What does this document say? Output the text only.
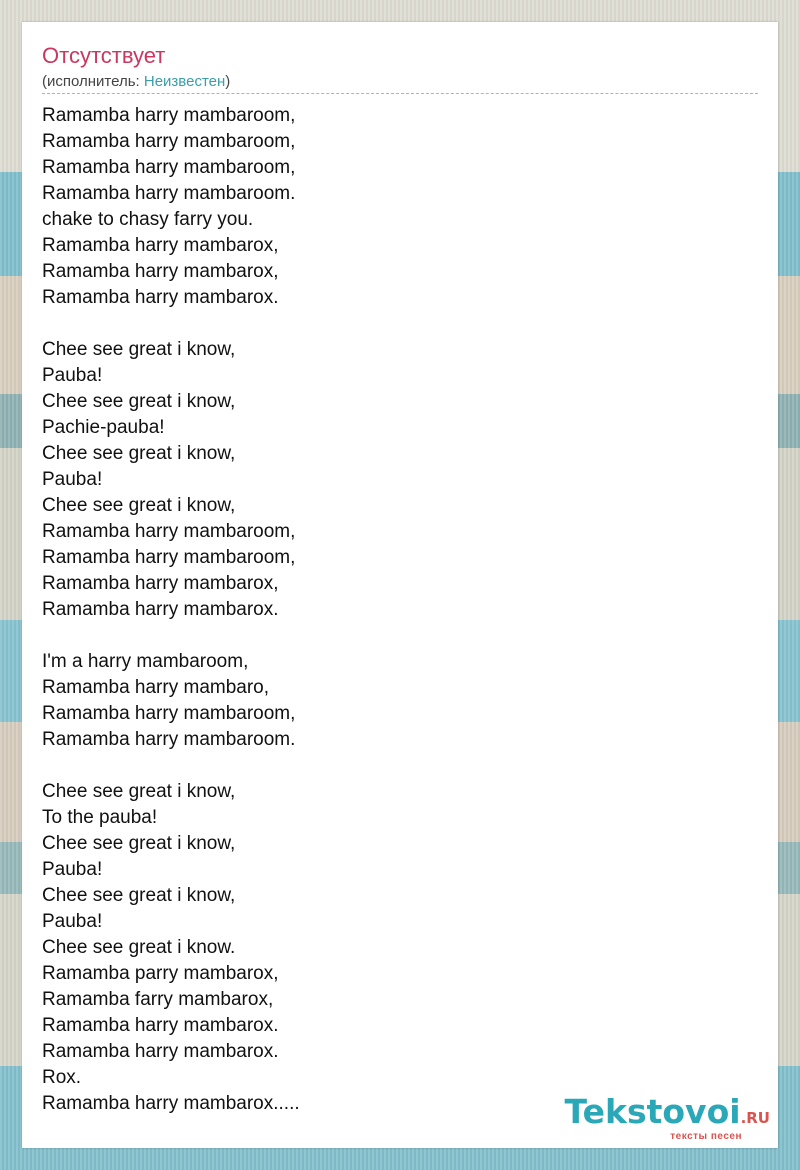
Отсутствует
(исполнитель: Неизвестен)
Ramamba harry mambaroom,
Ramamba harry mambaroom,
Ramamba harry mambaroom,
Ramamba harry mambaroom.
chake to chasy farry you.
Ramamba harry mambarox,
Ramamba harry mambarox,
Ramamba harry mambarox.
Chee see great i know,
Pauba!
Chee see great i know,
Pachie-pauba!
Chee see great i know,
Pauba!
Chee see great i know,
Ramamba harry mambaroom,
Ramamba harry mambaroom,
Ramamba harry mambarox,
Ramamba harry mambarox.
I'm a harry mambaroom,
Ramamba harry mambaro,
Ramamba harry mambaroom,
Ramamba harry mambaroom.
Chee see great i know,
To the pauba!
Chee see great i know,
Pauba!
Chee see great i know,
Pauba!
Chee see great i know.
Ramamba parry mambarox,
Ramamba farry mambarox,
Ramamba harry mambarox.
Ramamba harry mambarox.
Rox.
Ramamba harry mambarox.....	Tekstovoi.RU
тексты песен
